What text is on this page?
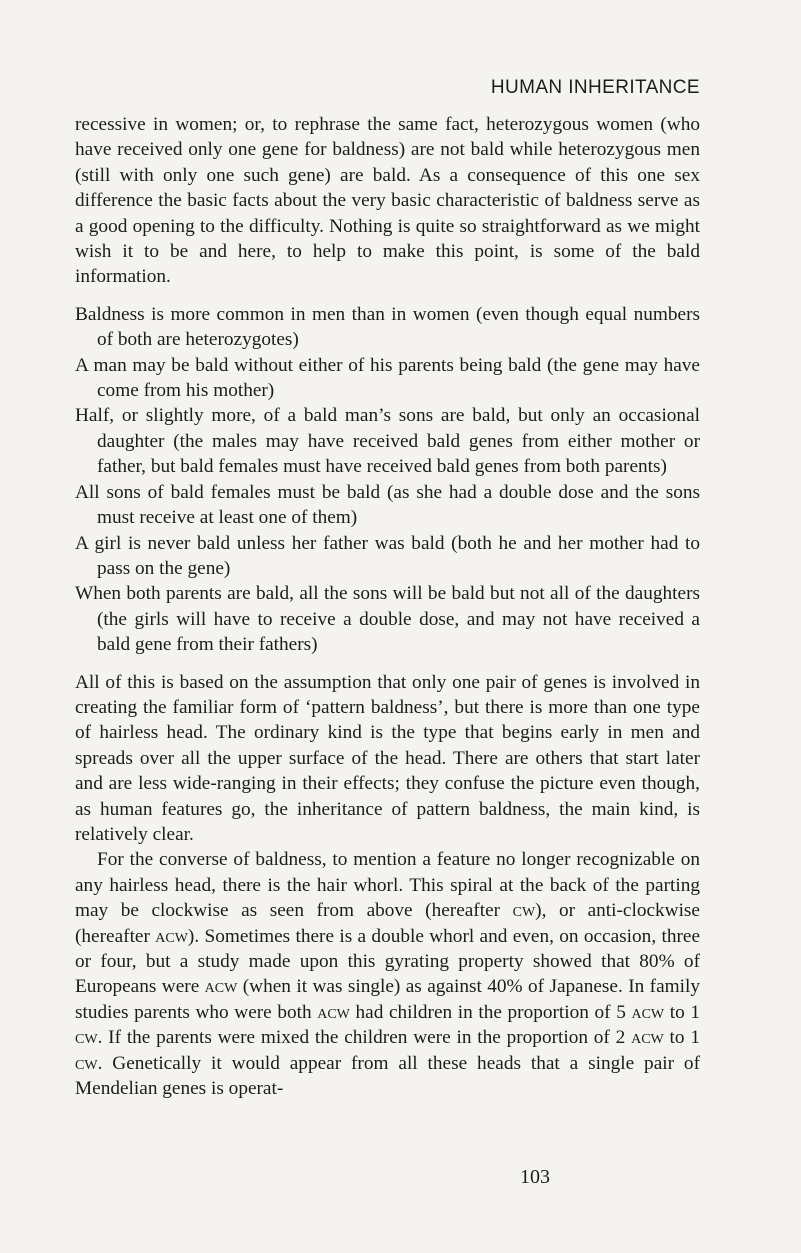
HUMAN INHERITANCE

recessive in women; or, to rephrase the same fact, heterozygous women (who have received only one gene for baldness) are not bald while heterozygous men (still with only one such gene) are bald. As a consequence of this one sex difference the basic facts about the very basic characteristic of baldness serve as a good opening to the difficulty. Nothing is quite so straightforward as we might wish it to be and here, to help to make this point, is some of the bald information.

Baldness is more common in men than in women (even though equal numbers of both are heterozygotes)
A man may be bald without either of his parents being bald (the gene may have come from his mother)
Half, or slightly more, of a bald man’s sons are bald, but only an occasional daughter (the males may have received bald genes from either mother or father, but bald females must have received bald genes from both parents)
All sons of bald females must be bald (as she had a double dose and the sons must receive at least one of them)
A girl is never bald unless her father was bald (both he and her mother had to pass on the gene)
When both parents are bald, all the sons will be bald but not all of the daughters (the girls will have to receive a double dose, and may not have received a bald gene from their fathers)

All of this is based on the assumption that only one pair of genes is involved in creating the familiar form of ‘pattern baldness’, but there is more than one type of hairless head. The ordinary kind is the type that begins early in men and spreads over all the upper surface of the head. There are others that start later and are less wide-ranging in their effects; they confuse the picture even though, as human features go, the inheritance of pattern baldness, the main kind, is relatively clear.

For the converse of baldness, to mention a feature no longer recognizable on any hairless head, there is the hair whorl. This spiral at the back of the parting may be clockwise as seen from above (hereafter cw), or anti-clockwise (hereafter acw). Sometimes there is a double whorl and even, on occasion, three or four, but a study made upon this gyrating property showed that 80% of Europeans were acw (when it was single) as against 40% of Japanese. In family studies parents who were both acw had children in the proportion of 5 acw to 1 cw. If the parents were mixed the children were in the proportion of 2 acw to 1 cw. Genetically it would appear from all these heads that a single pair of Mendelian genes is operat-

103
